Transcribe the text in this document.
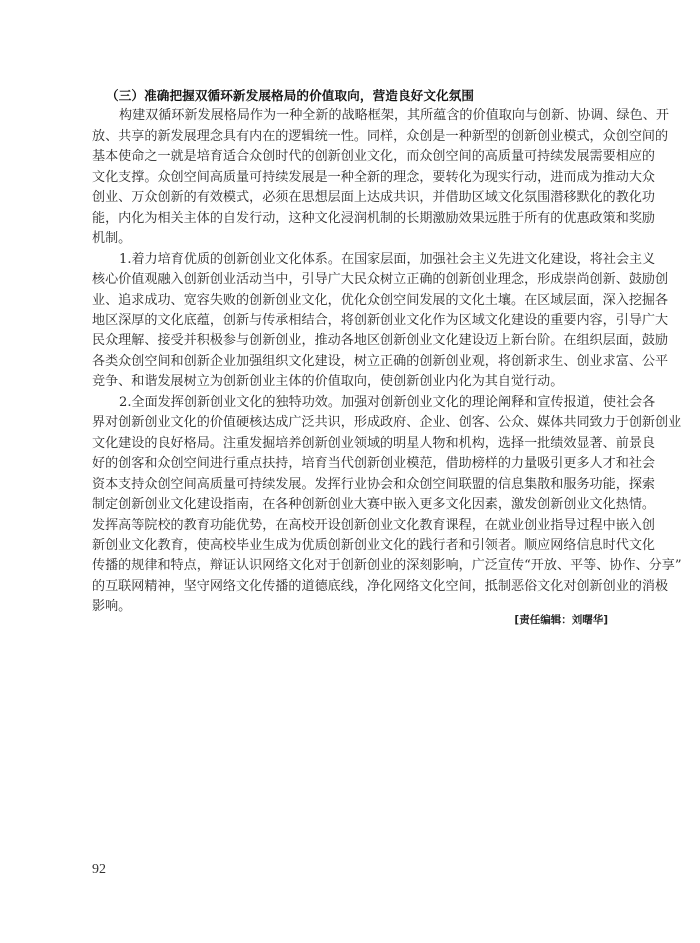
（三）准确把握双循环新发展格局的价值取向，营造良好文化氛围
构建双循环新发展格局作为一种全新的战略框架，其所蕴含的价值取向与创新、协调、绿色、开
放、共享的新发展理念具有内在的逻辑统一性。同样，众创是一种新型的创新创业模式，众创空间的
基本使命之一就是培育适合众创时代的创新创业文化，而众创空间的高质量可持续发展需要相应的
文化支撑。众创空间高质量可持续发展是一种全新的理念，要转化为现实行动，进而成为推动大众
创业、万众创新的有效模式，必须在思想层面上达成共识，并借助区域文化氛围潜移默化的教化功
能，内化为相关主体的自发行动，这种文化浸润机制的长期激励效果远胜于所有的优惠政策和奖励
机制。
1.着力培育优质的创新创业文化体系。在国家层面，加强社会主义先进文化建设，将社会主义
核心价值观融入创新创业活动当中，引导广大民众树立正确的创新创业理念，形成崇尚创新、鼓励创
业、追求成功、宽容失败的创新创业文化，优化众创空间发展的文化土壤。在区域层面，深入挖掘各
地区深厚的文化底蕴，创新与传承相结合，将创新创业文化作为区域文化建设的重要内容，引导广大
民众理解、接受并积极参与创新创业，推动各地区创新创业文化建设迈上新台阶。在组织层面，鼓励
各类众创空间和创新企业加强组织文化建设，树立正确的创新创业观，将创新求生、创业求富、公平
竞争、和谐发展树立为创新创业主体的价值取向，使创新创业内化为其自觉行动。
2.全面发挥创新创业文化的独特功效。加强对创新创业文化的理论阐释和宣传报道，使社会各
界对创新创业文化的价值硬核达成广泛共识，形成政府、企业、创客、公众、媒体共同致力于创新创业
文化建设的良好格局。注重发掘培养创新创业领域的明星人物和机构，选择一批绩效显著、前景良
好的创客和众创空间进行重点扶持，培育当代创新创业模范，借助榜样的力量吸引更多人才和社会
资本支持众创空间高质量可持续发展。发挥行业协会和众创空间联盟的信息集散和服务功能，探索
制定创新创业文化建设指南，在各种创新创业大赛中嵌入更多文化因素，激发创新创业文化热情。
发挥高等院校的教育功能优势，在高校开设创新创业文化教育课程，在就业创业指导过程中嵌入创
新创业文化教育，使高校毕业生成为优质创新创业文化的践行者和引领者。顺应网络信息时代文化
传播的规律和特点，辩证认识网络文化对于创新创业的深刻影响，广泛宣传“开放、平等、协作、分享”
的互联网精神，坚守网络文化传播的道德底线，净化网络文化空间，抵制恶俗文化对创新创业的消极
影响。
[责任编辑：刘曙华]
92
